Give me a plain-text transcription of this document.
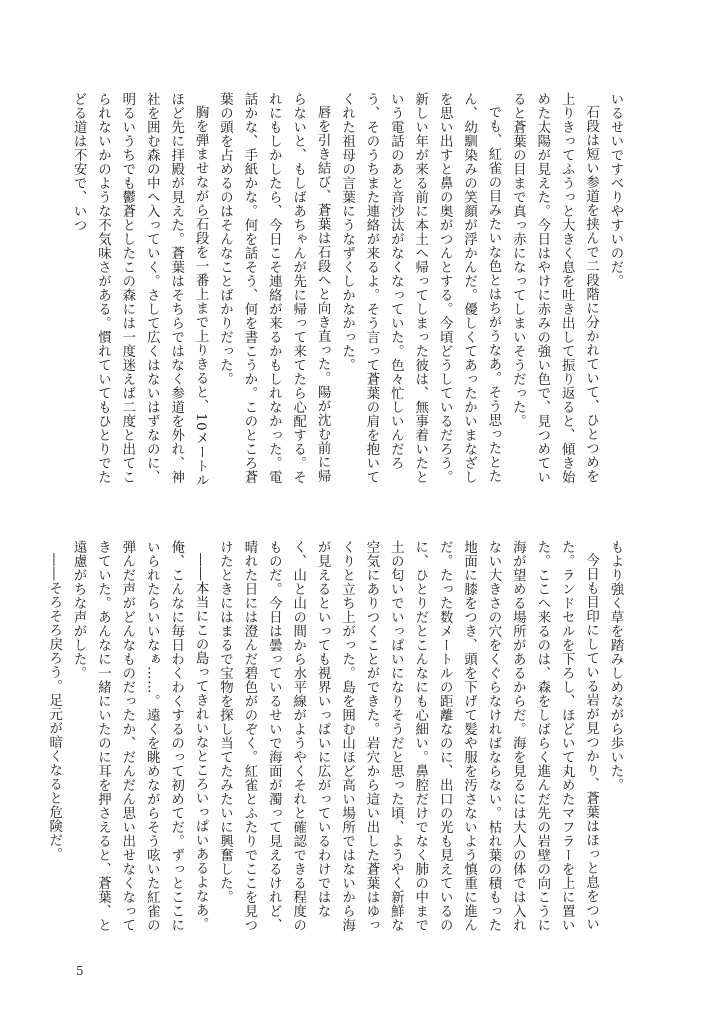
いるせいですべりやすいのだ。

石段は短い参道を挟んで二段階に分かれていて、ひとつめを上りきってふうっと大きく息を吐き出して振り返ると、傾き始めた太陽が見えた。今日はやけに赤みの強い色で、見つめていると蒼葉の目まで真っ赤になってしまいそうだった。

でも、紅雀の目みたいな色とはちがうなあ。そう思ったとたん、幼馴染みの笑顔が浮かんだ。優しくてあったかいまなざしを思い出すと鼻の奥がつんとする。今頃どうしているだろう。新しい年が来る前に本土へ帰ってしまった彼は、無事着いたという電話のあと音沙汰がなくなっていた。色々忙しいんだろう、そのうちまた連絡が来るよ。そう言って蒼葉の肩を抱いてくれた祖母の言葉にうなずくしかなかった。

唇を引き結び、蒼葉は石段へと向き直った。陽が沈む前に帰らないと、もしばあちゃんが先に帰って来てたら心配する。それにもしかしたら、今日こそ連絡が来るかもしれなかった。電話かな、手紙かな。何を話そう、何を書こうか。このところ蒼葉の頭を占めるのはそんなことばかりだった。

胸を弾ませながら石段を一番上まで上りきると、10メートルほど先に拝殿が見えた。蒼葉はそちらではなく参道を外れ、神社を囲む森の中へ入っていく。さして広くはないはずなのに、明るいうちでも鬱蒼としたこの森には一度迷えば二度と出てこられないかのような不気味さがある。慣れていてもひとりでたどる道は不安で、いつ

もより強く草を踏みしめながら歩いた。

今日も目印にしている岩が見つかり、蒼葉はほっと息をついた。ランドセルを下ろし、ほどいて丸めたマフラーを上に置いた。ここへ来るのは、森をしばらく進んだ先の岩壁の向こうに海が望める場所があるからだ。海を見るには大人の体では入れない大きさの穴をくぐらなければならない。枯れ葉の積もった地面に膝をつき、頭を下げて髪や服を汚さないよう慎重に進んだ。たった数メートルの距離なのに、出口の光も見えているのに、ひとりだとこんなにも心細い。鼻腔だけでなく肺の中まで土の匂いでいっぱいになりそうだと思った頃、ようやく新鮮な空気にありつくことができた。岩穴から這い出した蒼葉はゆっくりと立ち上がった。島を囲む山ほど高い場所ではないから海が見えるといっても視界いっぱいに広がっているわけではなく、山と山の間から水平線がようやくそれと確認できる程度のものだ。今日は曇っているせいで海面が濁って見えるけれど、晴れた日には澄んだ碧色がのぞく。紅雀とふたりでここを見つけたときにはまるで宝物を探し当てたみたいに興奮した。

――本当にこの島ってきれいなところいっぱいあるよなあ。俺、こんなに毎日わくわくするのって初めてだ。ずっとここにいられたらいいなぁ……。遠くを眺めながらそう呟いた紅雀の弾んだ声がどんなものだったか、だんだん思い出せなくなってきていた。あんなに一緒にいたのに耳を押さえると、蒼葉、と遠慮がちな声がした。

――そろそろ戻ろう。足元が暗くなると危険だ。

5
